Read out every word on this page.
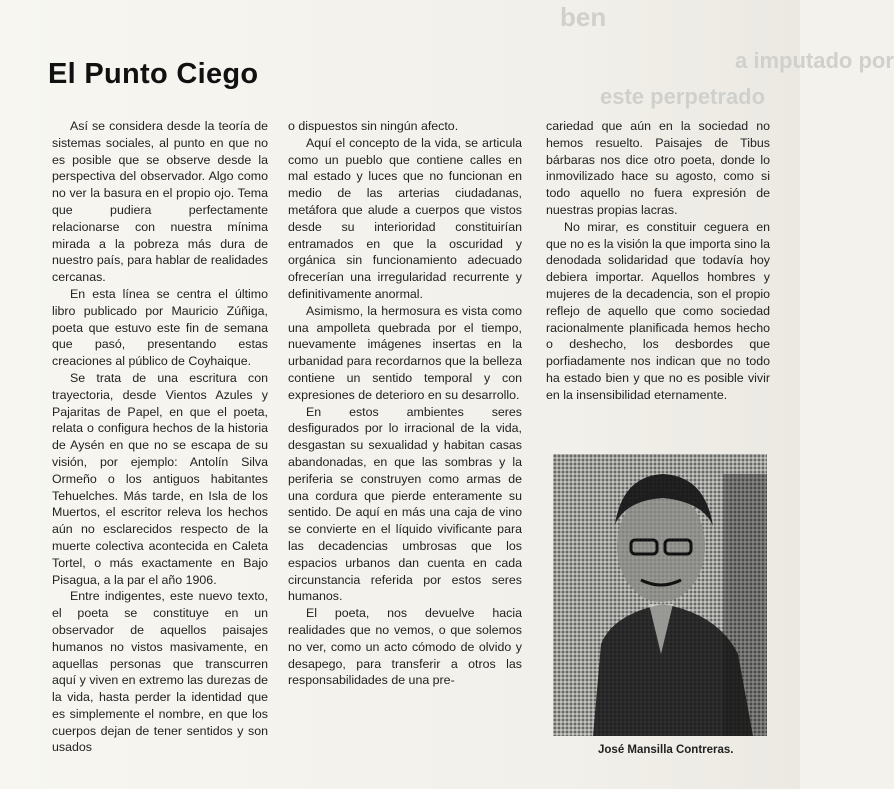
ben
a imputado por
este perpetrado
El Punto Ciego

Así se considera desde la teoría de sistemas sociales, al punto en que no es posible que se observe desde la perspectiva del observador. Algo como no ver la basura en el propio ojo. Tema que pudiera perfectamente relacionarse con nuestra mínima mirada a la pobreza más dura de nuestro país, para hablar de realidades cercanas.

En esta línea se centra el último libro publicado por Mauricio Zúñiga, poeta que estuvo este fin de semana que pasó, presentando estas creaciones al público de Coyhaique.

Se trata de una escritura con trayectoria, desde Vientos Azules y Pajaritas de Papel, en que el poeta, relata o configura hechos de la historia de Aysén en que no se escapa de su visión, por ejemplo: Antolín Silva Ormeño o los antiguos habitantes Tehuelches. Más tarde, en Isla de los Muertos, el escritor releva los hechos aún no esclarecidos respecto de la muerte colectiva acontecida en Caleta Tortel, o más exactamente en Bajo Pisagua, a la par el año 1906.

Entre indigentes, este nuevo texto, el poeta se constituye en un observador de aquellos paisajes humanos no vistos masivamente, en aquellas personas que transcurren aquí y viven en extremo las durezas de la vida, hasta perder la identidad que es simplemente el nombre, en que los cuerpos dejan de tener sentidos y son usados

o dispuestos sin ningún afecto.

Aquí el concepto de la vida, se articula como un pueblo que contiene calles en mal estado y luces que no funcionan en medio de las arterias ciudadanas, metáfora que alude a cuerpos que vistos desde su interioridad constituirían entramados en que la oscuridad y orgánica sin funcionamiento adecuado ofrecerían una irregularidad recurrente y definitivamente anormal.

Asimismo, la hermosura es vista como una ampolleta quebrada por el tiempo, nuevamente imágenes insertas en la urbanidad para recordarnos que la belleza contiene un sentido temporal y con expresiones de deterioro en su desarrollo.

En estos ambientes seres desfigurados por lo irracional de la vida, desgastan su sexualidad y habitan casas abandonadas, en que las sombras y la periferia se construyen como armas de una cordura que pierde enteramente su sentido. De aquí en más una caja de vino se convierte en el líquido vivificante para las decadencias umbrosas que los espacios urbanos dan cuenta en cada circunstancia referida por estos seres humanos.

El poeta, nos devuelve hacia realidades que no vemos, o que solemos no ver, como un acto cómodo de olvido y desapego, para transferir a otros las responsabilidades de una pre-

cariedad que aún en la sociedad no hemos resuelto. Paisajes de Tibus bárbaras nos dice otro poeta, donde lo inmovilizado hace su agosto, como si todo aquello no fuera expresión de nuestras propias lacras.

No mirar, es constituir ceguera en que no es la visión la que importa sino la denodada solidaridad que todavía hoy debiera importar. Aquellos hombres y mujeres de la decadencia, son el propio reflejo de aquello que como sociedad racionalmente planificada hemos hecho o deshecho, los desbordes que porfiadamente nos indican que no todo ha estado bien y que no es posible vivir en la insensibilidad eternamente.

José Mansilla Contreras.
